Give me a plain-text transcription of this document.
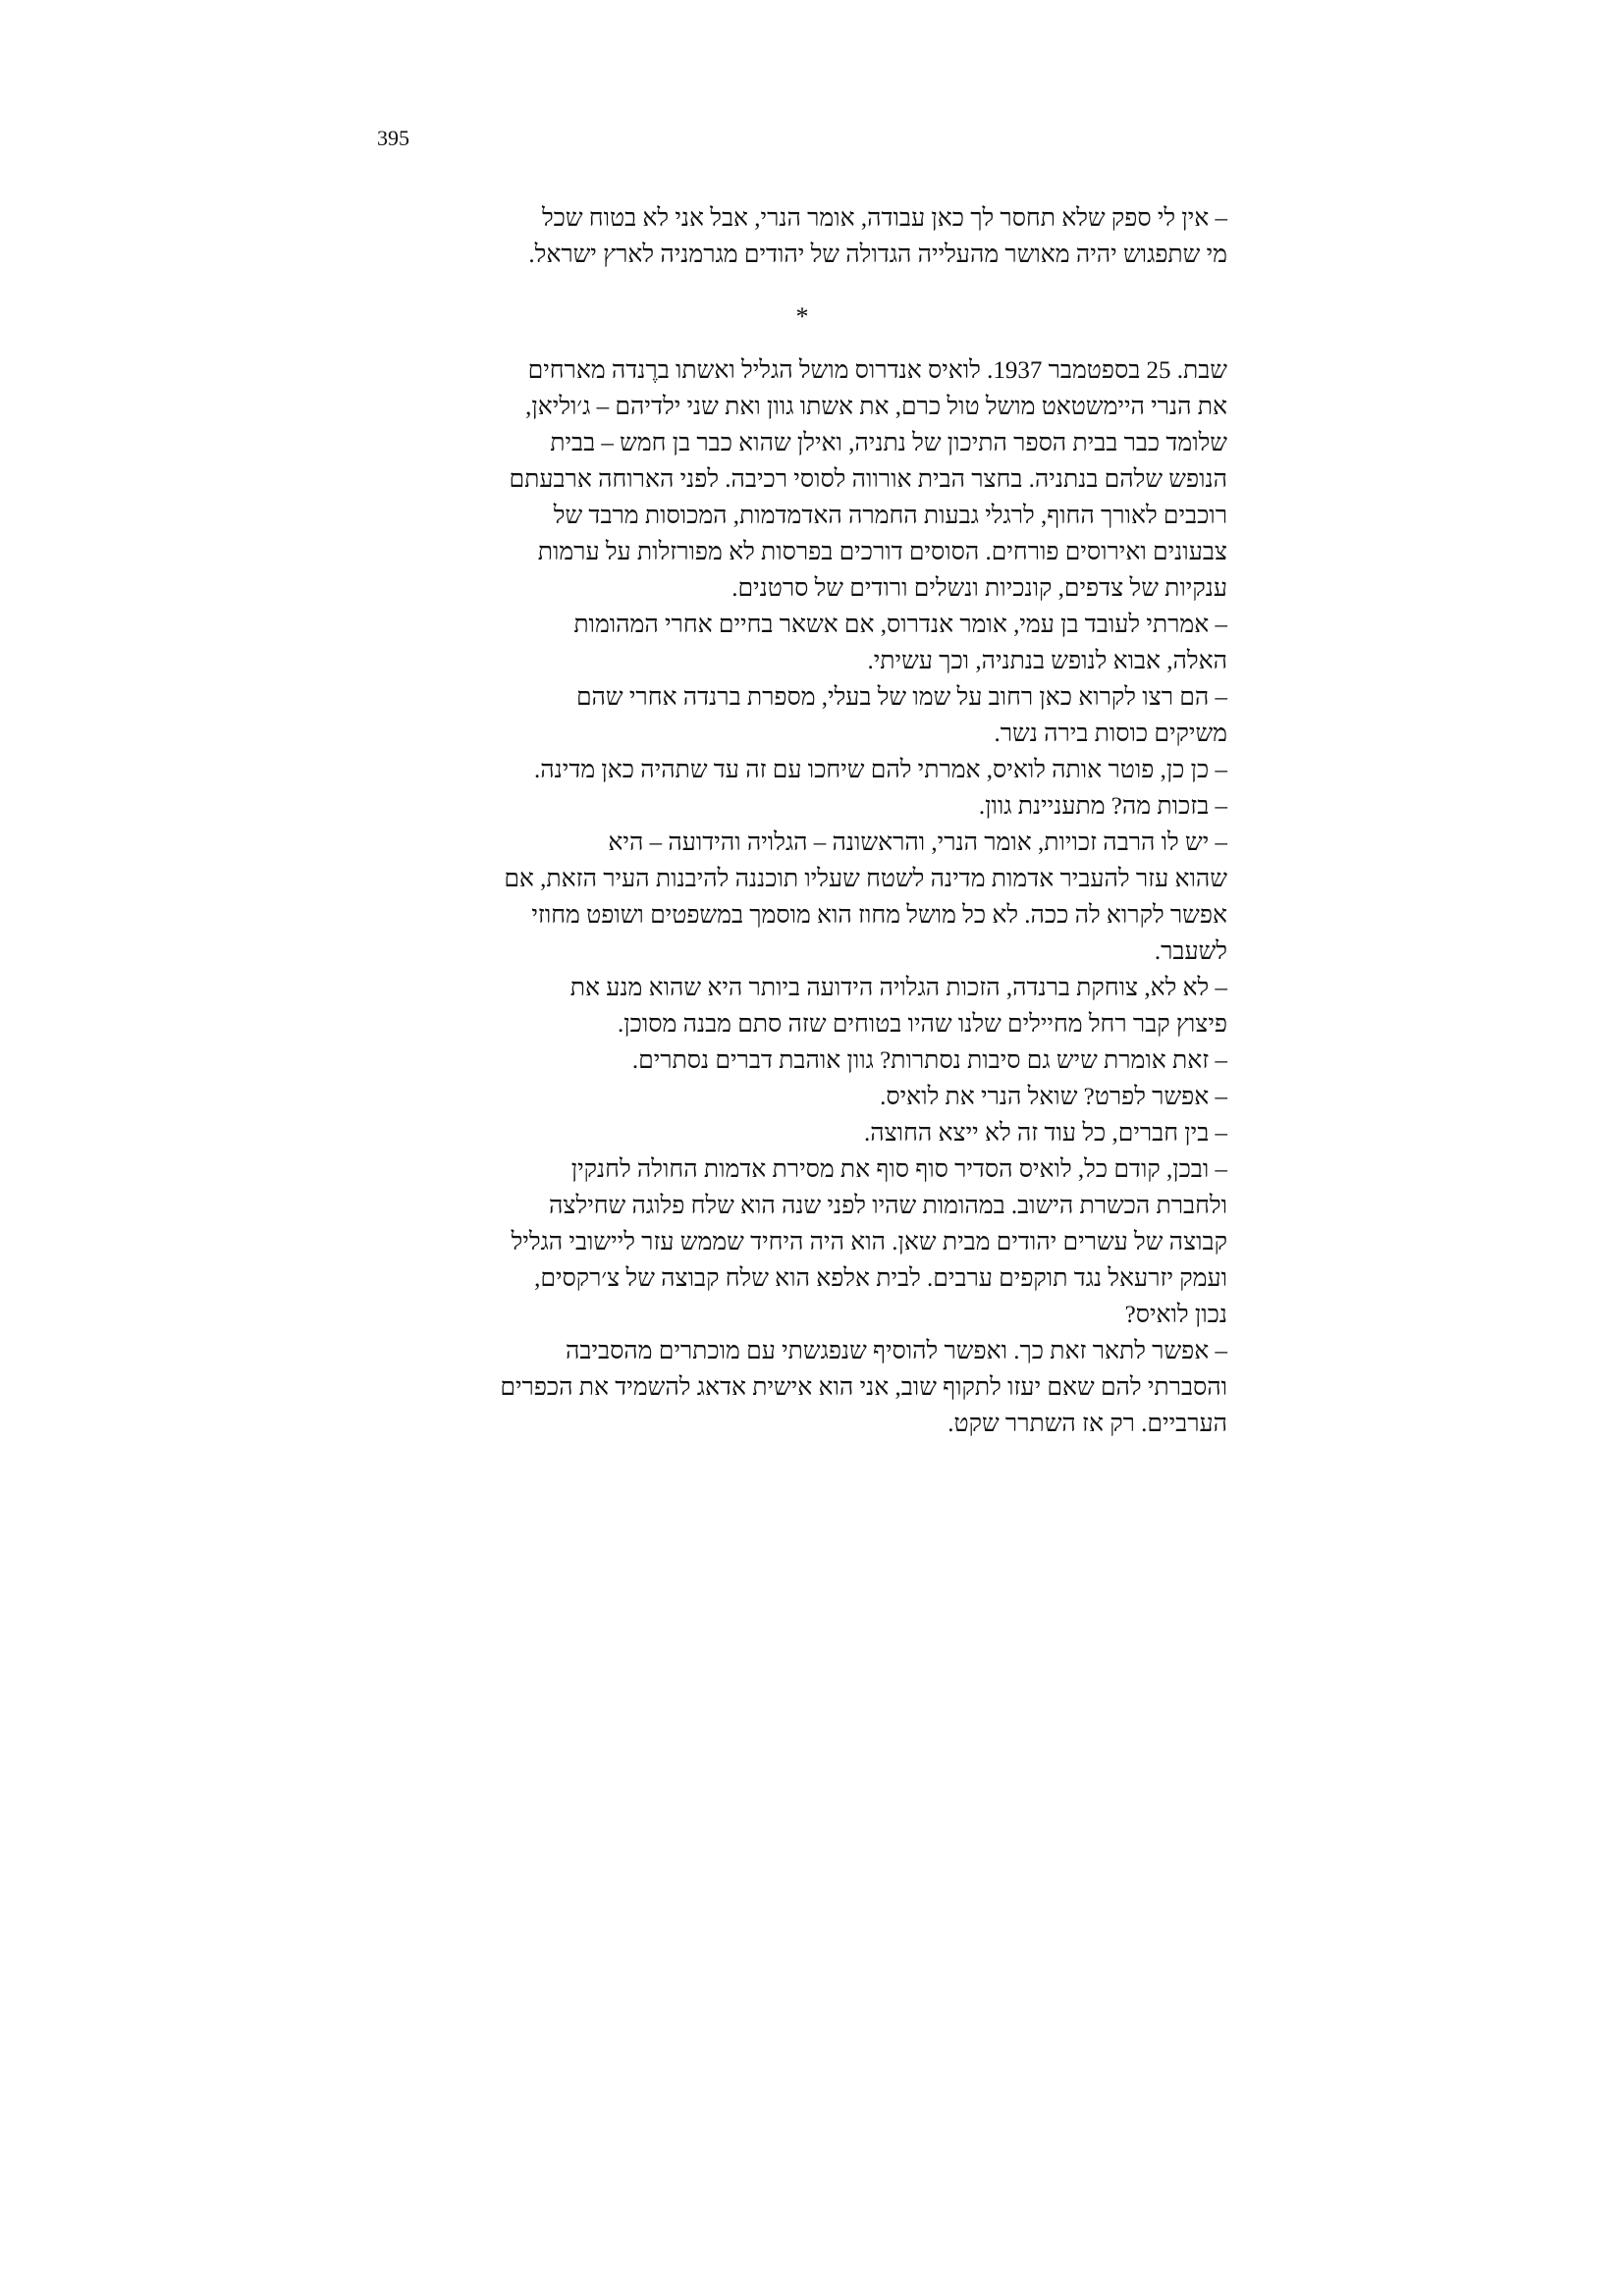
395

– אין לי ספק שלא תחסר לך כאן עבודה, אומר הנרי, אבל אני לא בטוח שכל

מי שתפגוש יהיה מאושר מהעלייה הגדולה של יהודים מגרמניה לארץ ישראל.

*

שבת. 25 בספטמבר 1937. לואיס אנדרוס מושל הגליל ואשתו ברֶנדה מארחים

את הנרי היימשטאט מושל טול כרם, את אשתו גוון ואת שני ילדיהם – ג׳וליאן,

שלומד כבר בבית הספר התיכון של נתניה, ואילן שהוא כבר בן חמש – בבית

הנופש שלהם בנתניה. בחצר הבית אורווה לסוסי רכיבה. לפני הארוחה ארבעתם

רוכבים לאורך החוף, לרגלי גבעות החמרה האדמדמות, המכוסות מרבד של

צבעונים ואירוסים פורחים. הסוסים דורכים בפרסות לא מפורזלות על ערמות

ענקיות של צדפים, קונכיות ונשלים ורודים של סרטנים.

– אמרתי לעובד בן עמי, אומר אנדרוס, אם אשאר בחיים אחרי המהומות

האלה, אבוא לנופש בנתניה, וכך עשיתי.

– הם רצו לקרוא כאן רחוב על שמו של בעלי, מספרת ברנדה אחרי שהם

משיקים כוסות בירה נשר.

– כן כן, פוטר אותה לואיס, אמרתי להם שיחכו עם זה עד שתהיה כאן מדינה.

– בזכות מה? מתעניינת גוון.

– יש לו הרבה זכויות, אומר הנרי, והראשונה – הגלויה והידועה – היא

שהוא עזר להעביר אדמות מדינה לשטח שעליו תוכננה להיבנות העיר הזאת, אם

אפשר לקרוא לה ככה. לא כל מושל מחוז הוא מוסמך במשפטים ושופט מחוזי

לשעבר.

– לא לא, צוחקת ברנדה, הזכות הגלויה הידועה ביותר היא שהוא מנע את

פיצוץ קבר רחל מחיילים שלנו שהיו בטוחים שזה סתם מבנה מסוכן.

– זאת אומרת שיש גם סיבות נסתרות? גוון אוהבת דברים נסתרים.

– אפשר לפרט? שואל הנרי את לואיס.

– בין חברים, כל עוד זה לא ייצא החוצה.

– ובכן, קודם כל, לואיס הסדיר סוף סוף את מסירת אדמות החולה לחנקין

ולחברת הכשרת הישוב. במהומות שהיו לפני שנה הוא שלח פלוגה שחילצה

קבוצה של עשרים יהודים מבית שאן. הוא היה היחיד שממש עזר ליישובי הגליל

ועמק יזרעאל נגד תוקפים ערבים. לבית אלפא הוא שלח קבוצה של צ׳רקסים,

נכון לואיס?

– אפשר לתאר זאת כך. ואפשר להוסיף שנפגשתי עם מוכתרים מהסביבה

והסברתי להם שאם יעזו לתקוף שוב, אני הוא אישית אדאג להשמיד את הכפרים

הערביים. רק אז השתרר שקט.
